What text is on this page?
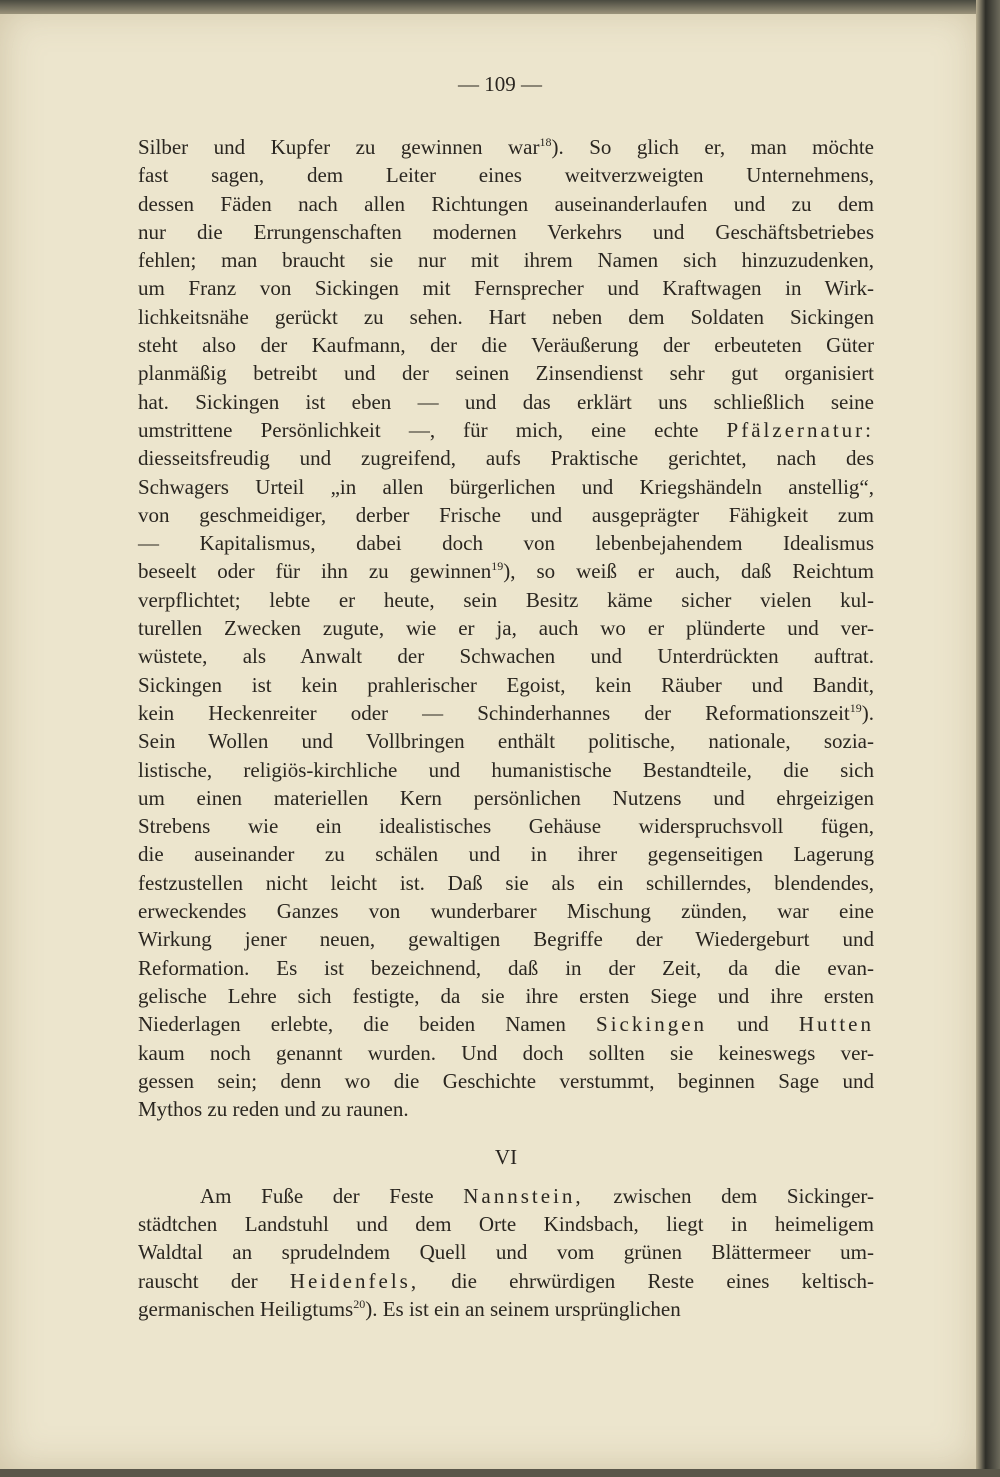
— 109 —
Silber und Kupfer zu gewinnen war$^{18}$). So glich er, man möchte
fast sagen, dem Leiter eines weitverzweigten Unternehmens,
dessen Fäden nach allen Richtungen auseinanderlaufen und zu dem
nur die Errungenschaften modernen Verkehrs und Geschäftsbetriebes
fehlen; man braucht sie nur mit ihrem Namen sich hinzuzudenken,
um Franz von Sickingen mit Fernsprecher und Kraftwagen in Wirk-
lichkeitsnähe gerückt zu sehen. Hart neben dem Soldaten Sickingen
steht also der Kaufmann, der die Veräußerung der erbeuteten Güter
planmäßig betreibt und der seinen Zinsendienst sehr gut organisiert
hat. Sickingen ist eben — und das erklärt uns schließlich seine
umstrittene Persönlichkeit —, für mich, eine echte Pfälzernatur:
diesseitsfreudig und zugreifend, aufs Praktische gerichtet, nach des
Schwagers Urteil „in allen bürgerlichen und Kriegshändeln anstellig“,
von geschmeidiger, derber Frische und ausgeprägter Fähigkeit zum
— Kapitalismus, dabei doch von lebenbejahendem Idealismus
beseelt oder für ihn zu gewinnen$^{19}$), so weiß er auch, daß Reichtum
verpflichtet; lebte er heute, sein Besitz käme sicher vielen kul-
turellen Zwecken zugute, wie er ja, auch wo er plünderte und ver-
wüstete, als Anwalt der Schwachen und Unterdrückten auftrat.
Sickingen ist kein prahlerischer Egoist, kein Räuber und Bandit,
kein Heckenreiter oder — Schinderhannes der Reformationszeit$^{19}$).
Sein Wollen und Vollbringen enthält politische, nationale, sozia-
listische, religiös-kirchliche und humanistische Bestandteile, die sich
um einen materiellen Kern persönlichen Nutzens und ehrgeizigen
Strebens wie ein idealistisches Gehäuse widerspruchsvoll fügen,
die auseinander zu schälen und in ihrer gegenseitigen Lagerung
festzustellen nicht leicht ist. Daß sie als ein schillerndes, blendendes,
erweckendes Ganzes von wunderbarer Mischung zünden, war eine
Wirkung jener neuen, gewaltigen Begriffe der Wiedergeburt und
Reformation. Es ist bezeichnend, daß in der Zeit, da die evan-
gelische Lehre sich festigte, da sie ihre ersten Siege und ihre ersten
Niederlagen erlebte, die beiden Namen Sickingen und Hutten
kaum noch genannt wurden. Und doch sollten sie keineswegs ver-
gessen sein; denn wo die Geschichte verstummt, beginnen Sage und
Mythos zu reden und zu raunen.
VI
Am Fuße der Feste Nannstein, zwischen dem Sickinger-
städtchen Landstuhl und dem Orte Kindsbach, liegt in heimeligem
Waldtal an sprudelndem Quell und vom grünen Blättermeer um-
rauscht der Heidenfels, die ehrwürdigen Reste eines keltisch-
germanischen Heiligtums$^{20}$). Es ist ein an seinem ursprünglichen
